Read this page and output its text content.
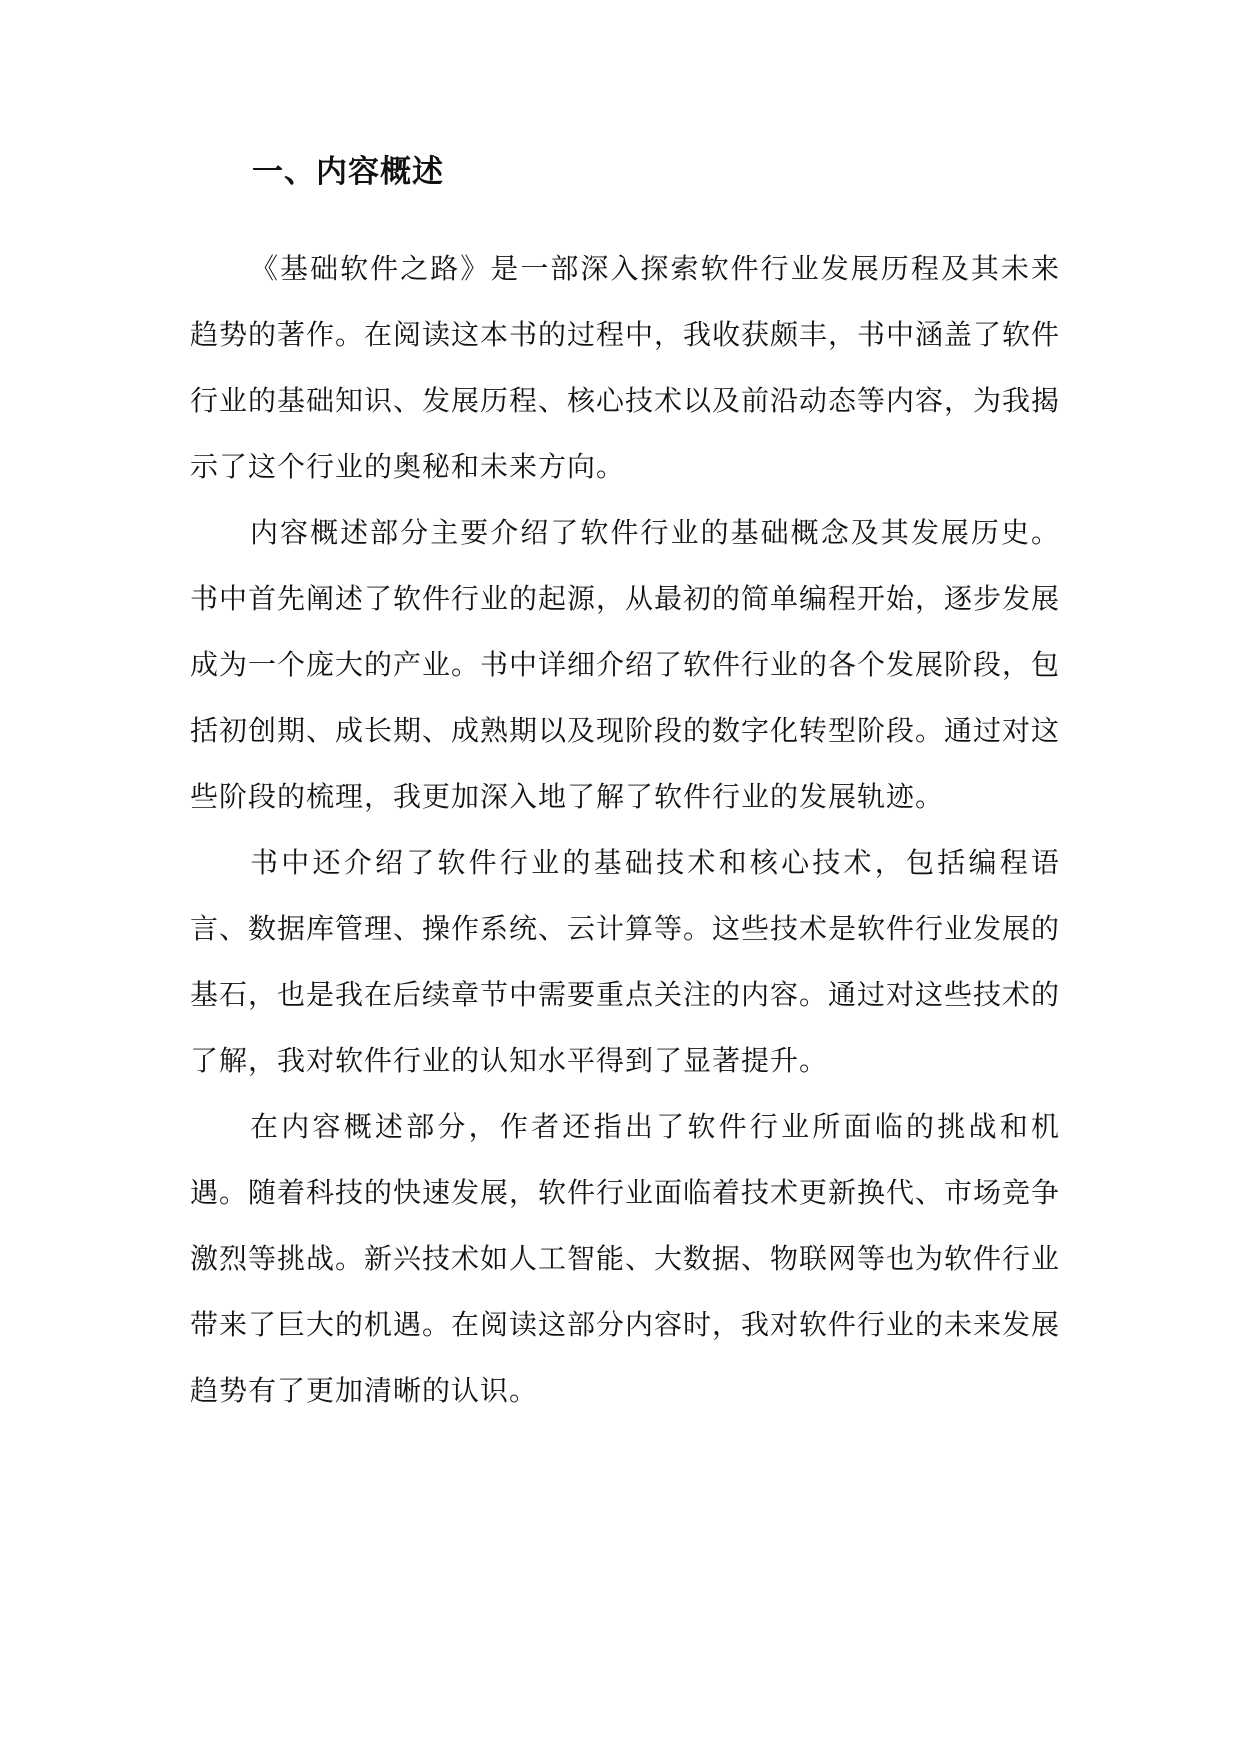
一、内容概述

《基础软件之路》是一部深入探索软件行业发展历程及其未来趋势的著作。在阅读这本书的过程中，我收获颇丰，书中涵盖了软件行业的基础知识、发展历程、核心技术以及前沿动态等内容，为我揭示了这个行业的奥秘和未来方向。

内容概述部分主要介绍了软件行业的基础概念及其发展历史。书中首先阐述了软件行业的起源，从最初的简单编程开始，逐步发展成为一个庞大的产业。书中详细介绍了软件行业的各个发展阶段，包括初创期、成长期、成熟期以及现阶段的数字化转型阶段。通过对这些阶段的梳理，我更加深入地了解了软件行业的发展轨迹。

书中还介绍了软件行业的基础技术和核心技术，包括编程语言、数据库管理、操作系统、云计算等。这些技术是软件行业发展的基石，也是我在后续章节中需要重点关注的内容。通过对这些技术的了解，我对软件行业的认知水平得到了显著提升。

在内容概述部分，作者还指出了软件行业所面临的挑战和机遇。随着科技的快速发展，软件行业面临着技术更新换代、市场竞争激烈等挑战。新兴技术如人工智能、大数据、物联网等也为软件行业带来了巨大的机遇。在阅读这部分内容时，我对软件行业的未来发展趋势有了更加清晰的认识。
